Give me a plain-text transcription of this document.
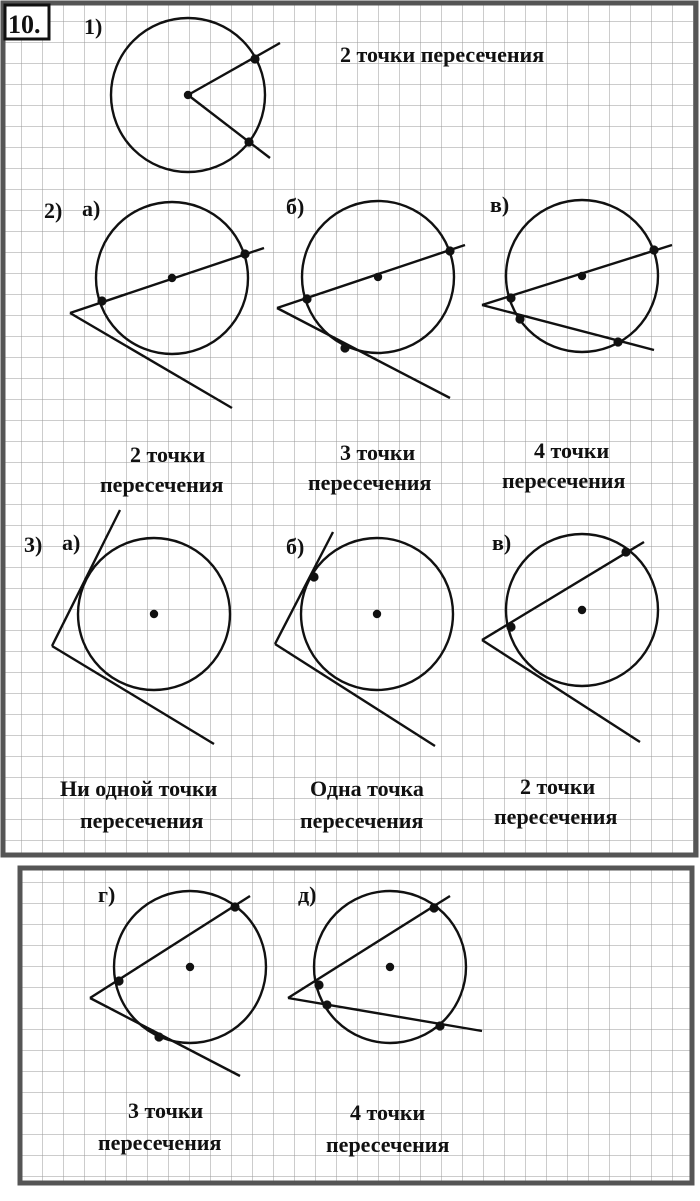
10. 1)
2 точки пересечения
2) а)
2 точки
пересечения
б)
3 точки
пересечения
в)
4 точки
пересечения
3) а)
Ни одной точки
пересечения
б)
Одна точка
пересечения
в)
2 точки
пересечения
г)
3 точки
пересечения
д)
4 точки
пересечения
